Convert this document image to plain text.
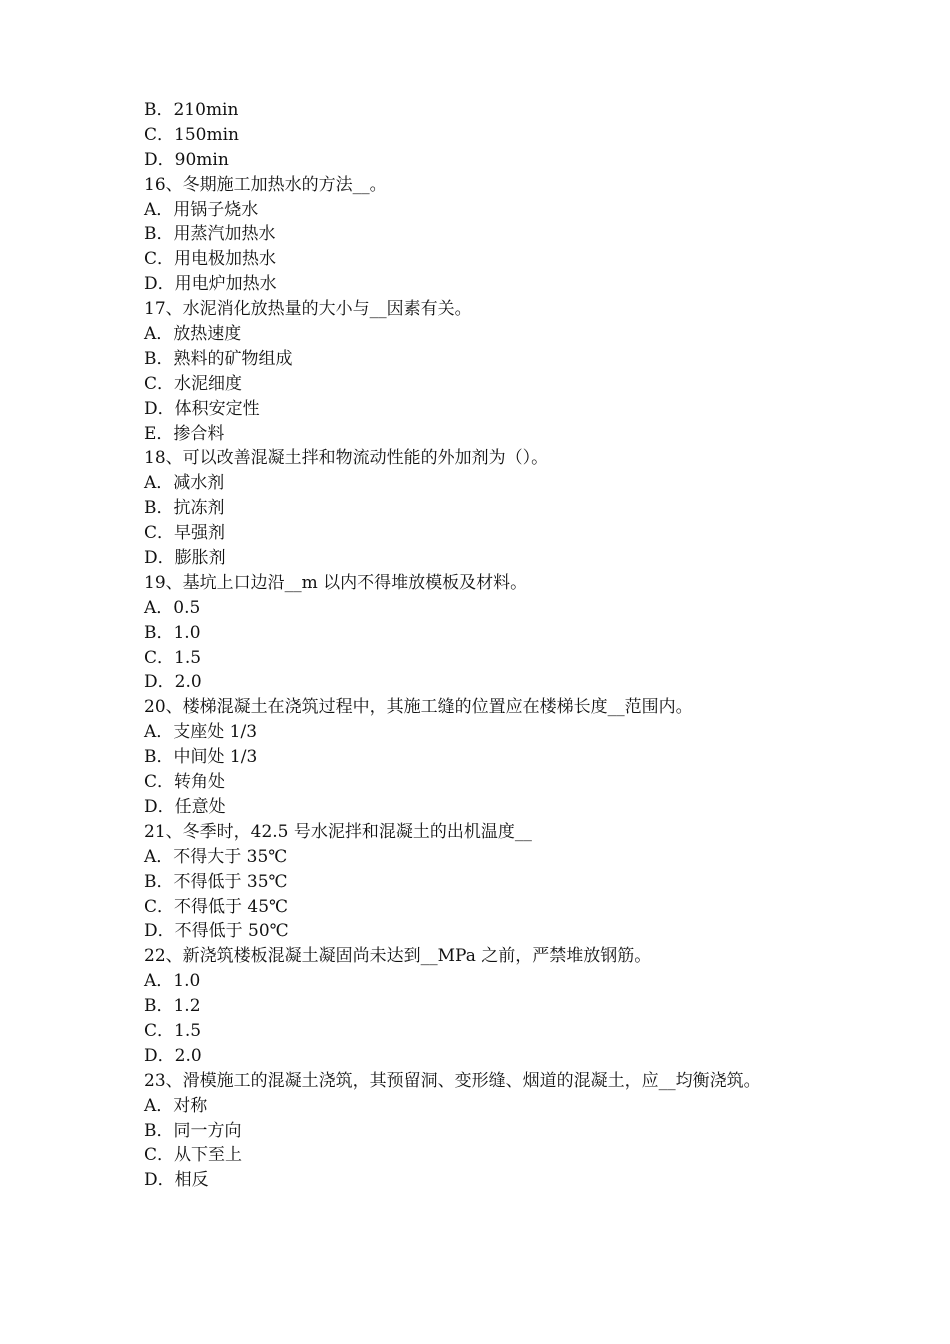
B．210min
C．150min
D．90min
16、冬期施工加热水的方法__。
A．用锅子烧水
B．用蒸汽加热水
C．用电极加热水
D．用电炉加热水
17、水泥消化放热量的大小与__因素有关。
A．放热速度
B．熟料的矿物组成
C．水泥细度
D．体积安定性
E．掺合料
18、可以改善混凝土拌和物流动性能的外加剂为（）。
A．减水剂
B．抗冻剂
C．早强剂
D．膨胀剂
19、基坑上口边沿__m 以内不得堆放模板及材料。
A．0.5
B．1.0
C．1.5
D．2.0
20、楼梯混凝土在浇筑过程中，其施工缝的位置应在楼梯长度__范围内。
A．支座处 1/3
B．中间处 1/3
C．转角处
D．任意处
21、冬季时，42.5 号水泥拌和混凝土的出机温度__
A．不得大于 35℃
B．不得低于 35℃
C．不得低于 45℃
D．不得低于 50℃
22、新浇筑楼板混凝土凝固尚未达到__MPa 之前，严禁堆放钢筋。
A．1.0
B．1.2
C．1.5
D．2.0
23、滑模施工的混凝土浇筑，其预留洞、变形缝、烟道的混凝土，应__均衡浇筑。
A．对称
B．同一方向
C．从下至上
D．相反
